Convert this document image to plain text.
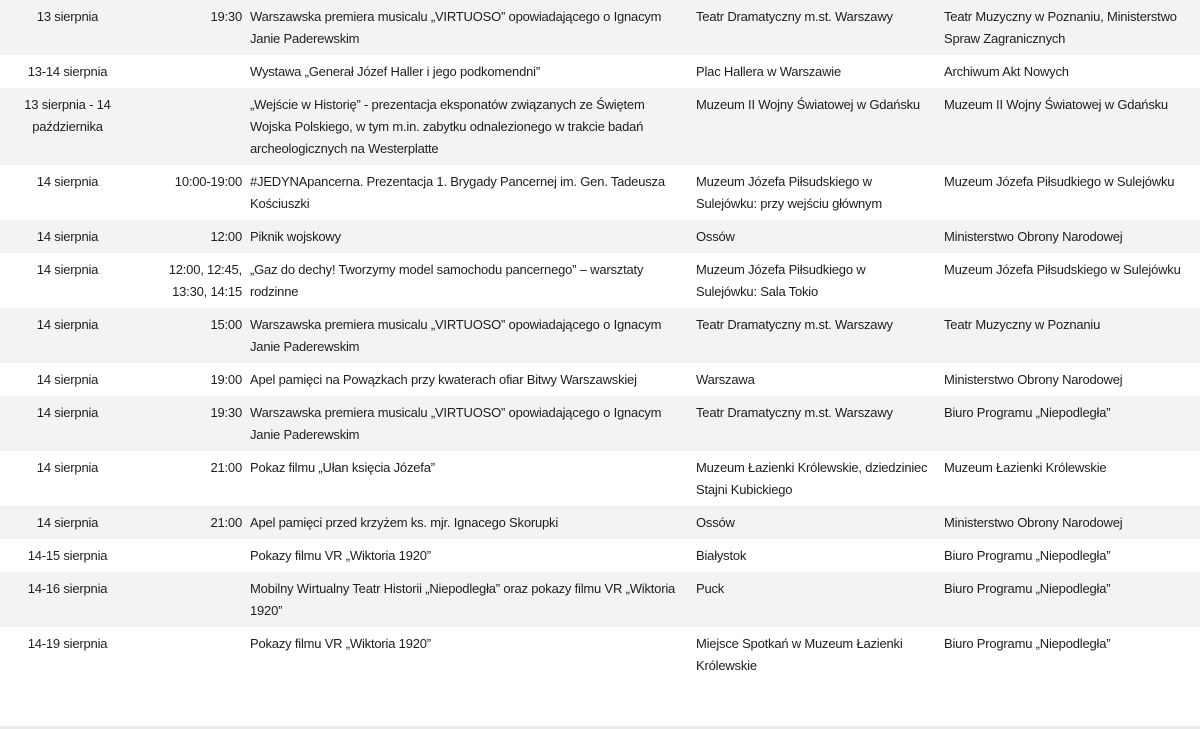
13 sierpnia	19:30	Warszawska premiera musicalu „VIRTUOSO” opowiadającego o Ignacym Janie Paderewskim	Teatr Dramatyczny m.st. Warszawy	Teatr Muzyczny w Poznaniu, Ministerstwo Spraw Zagranicznych
13-14 sierpnia		Wystawa „Generał Józef Haller i jego podkomendni”	Plac Hallera w Warszawie	Archiwum Akt Nowych
13 sierpnia - 14 października		„Wejście w Historię” - prezentacja eksponatów związanych ze Świętem Wojska Polskiego, w tym m.in. zabytku odnalezionego w trakcie badań archeologicznych na Westerplatte	Muzeum II Wojny Światowej w Gdańsku	Muzeum II Wojny Światowej w Gdańsku
14 sierpnia	10:00-19:00	#JEDYNApancerna. Prezentacja 1. Brygady Pancernej im. Gen. Tadeusza Kościuszki	Muzeum Józefa Piłsudskiego w Sulejówku: przy wejściu głównym	Muzeum Józefa Piłsudkiego w Sulejówku
14 sierpnia	12:00	Piknik wojskowy	Ossów	Ministerstwo Obrony Narodowej
14 sierpnia	12:00, 12:45, 13:30, 14:15	„Gaz do dechy! Tworzymy model samochodu pancernego” – warsztaty rodzinne	Muzeum Józefa Piłsudkiego w Sulejówku: Sala Tokio	Muzeum Józefa Piłsudskiego w Sulejówku
14 sierpnia	15:00	Warszawska premiera musicalu „VIRTUOSO” opowiadającego o Ignacym Janie Paderewskim	Teatr Dramatyczny m.st. Warszawy	Teatr Muzyczny w Poznaniu
14 sierpnia	19:00	Apel pamięci na Powązkach przy kwaterach ofiar Bitwy Warszawskiej	Warszawa	Ministerstwo Obrony Narodowej
14 sierpnia	19:30	Warszawska premiera musicalu „VIRTUOSO” opowiadającego o Ignacym Janie Paderewskim	Teatr Dramatyczny m.st. Warszawy	Biuro Programu „Niepodległa”
14 sierpnia	21:00	Pokaz filmu „Ułan księcia Józefa”	Muzeum Łazienki Królewskie, dziedziniec Stajni Kubickiego	Muzeum Łazienki Królewskie
14 sierpnia	21:00	Apel pamięci przed krzyżem ks. mjr. Ignacego Skorupki	Ossów	Ministerstwo Obrony Narodowej
14-15 sierpnia		Pokazy filmu VR „Wiktoria 1920”	Białystok	Biuro Programu „Niepodległa”
14-16 sierpnia		Mobilny Wirtualny Teatr Historii „Niepodległa” oraz pokazy filmu VR „Wiktoria 1920”	Puck	Biuro Programu „Niepodległa”
14-19 sierpnia		Pokazy filmu VR „Wiktoria 1920”	Miejsce Spotkań w Muzeum Łazienki Królewskie	Biuro Programu „Niepodległa”
